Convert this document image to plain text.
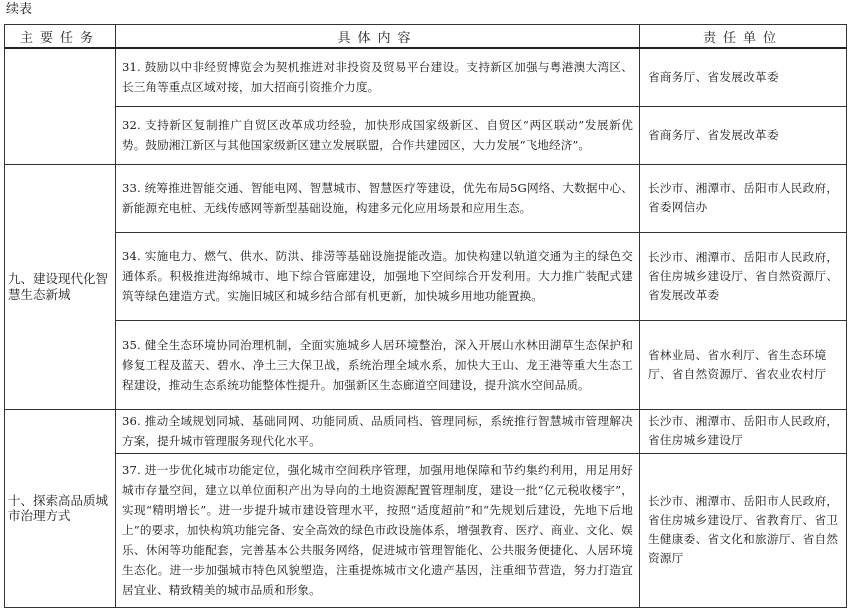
续表
主要任务	具体内容	责任单位
	31. 鼓励以中非经贸博览会为契机推进对非投资及贸易平台建设。支持新区加强与粤港澳大湾区、长三角等重点区域对接，加大招商引资推介力度。	省商务厅、省发展改革委
	32. 支持新区复制推广自贸区改革成功经验，加快形成国家级新区、自贸区“两区联动”发展新优势。鼓励湘江新区与其他国家级新区建立发展联盟，合作共建园区，大力发展“飞地经济”。	省商务厅、省发展改革委
九、建设现代化智慧生态新城	33. 统筹推进智能交通、智能电网、智慧城市、智慧医疗等建设，优先布局5G网络、大数据中心、新能源充电桩、无线传感网等新型基础设施，构建多元化应用场景和应用生态。	长沙市、湘潭市、岳阳市人民政府，省委网信办
	34. 实施电力、燃气、供水、防洪、排涝等基础设施提能改造。加快构建以轨道交通为主的绿色交通体系。积极推进海绵城市、地下综合管廊建设，加强地下空间综合开发利用。大力推广装配式建筑等绿色建造方式。实施旧城区和城乡结合部有机更新，加快城乡用地功能置换。	长沙市、湘潭市、岳阳市人民政府，省住房城乡建设厅、省自然资源厅、省发展改革委
	35. 健全生态环境协同治理机制，全面实施城乡人居环境整治，深入开展山水林田湖草生态保护和修复工程及蓝天、碧水、净土三大保卫战，系统治理全域水系，加快大王山、龙王港等重大生态工程建设，推动生态系统功能整体性提升。加强新区生态廊道空间建设，提升滨水空间品质。	省林业局、省水利厅、省生态环境厅、省自然资源厅、省农业农村厅
十、探索高品质城市治理方式	36. 推动全域规划同城、基础同网、功能同质、品质同档、管理同标，系统推行智慧城市管理解决方案，提升城市管理服务现代化水平。	长沙市、湘潭市、岳阳市人民政府，省住房城乡建设厅
	37. 进一步优化城市功能定位，强化城市空间秩序管理，加强用地保障和节约集约利用，用足用好城市存量空间，建立以单位面积产出为导向的土地资源配置管理制度，建设一批“亿元税收楼宇”，实现“精明增长”。进一步提升城市建设管理水平，按照“适度超前”和“先规划后建设，先地下后地上”的要求，加快构筑功能完备、安全高效的绿色市政设施体系，增强教育、医疗、商业、文化、娱乐、休闲等功能配套，完善基本公共服务网络，促进城市管理智能化、公共服务便捷化、人居环境生态化。进一步加强城市特色风貌塑造，注重提炼城市文化遗产基因，注重细节营造，努力打造宜居宜业、精致精美的城市品质和形象。	长沙市、湘潭市、岳阳市人民政府，省住房城乡建设厅、省教育厅、省卫生健康委、省文化和旅游厅、省自然资源厅
